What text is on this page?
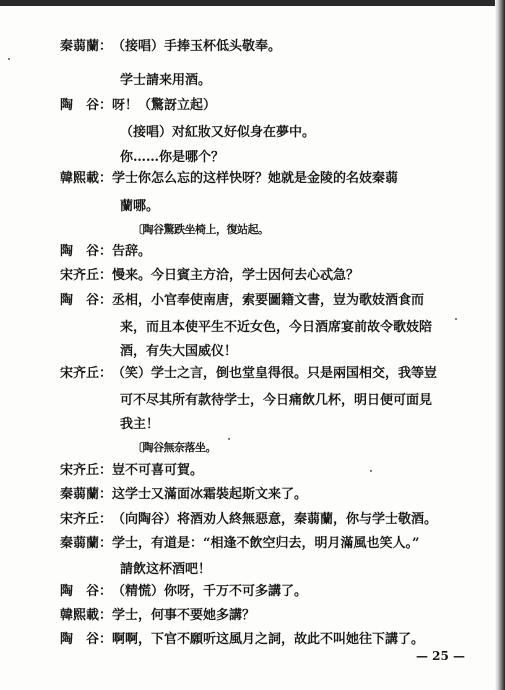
秦蒻蘭：（接唱）手捧玉杯低头敬奉。
学士請来用酒。
陶　谷：呀！（驚訝立起）
（接唱）对紅妝又好似身在夢中。
你……你是哪个？
韓熙載：学士你怎么忘的这样快呀？她就是金陵的名妓秦蒻
蘭哪。
〔陶谷驚跌坐椅上，復站起。
陶　谷：告辞。
宋齐丘：慢来。今日賓主方洽，学士因何去心忒急？
陶　谷：丞相，小官奉使南唐，索要圖籍文書，豈为歌妓酒食而
来，而且本使平生不近女色，今日酒席宴前故令歌妓陪
酒，有失大国威仪！
宋齐丘：（笑）学士之言，倒也堂皇得很。只是兩国相交，我等豈
可不尽其所有款待学士，今日痛飲几杯，明日便可面見
我主！
〔陶谷無奈落坐。
宋齐丘：豈不可喜可賀。
秦蒻蘭：这学士又滿面冰霜裝起斯文来了。
宋齐丘：（向陶谷）将酒劝人終無惡意，秦蒻蘭，你与学士敬酒。
秦蒻蘭：学士，有道是：“相逢不飲空归去，明月滿風也笑人。”
請飲这杯酒吧！
陶　谷：（精慌）你呀，千万不可多講了。
韓熙載：学士，何事不要她多講？
陶　谷：啊啊，下官不願听这風月之詞，故此不叫她往下講了。
— 25 —
